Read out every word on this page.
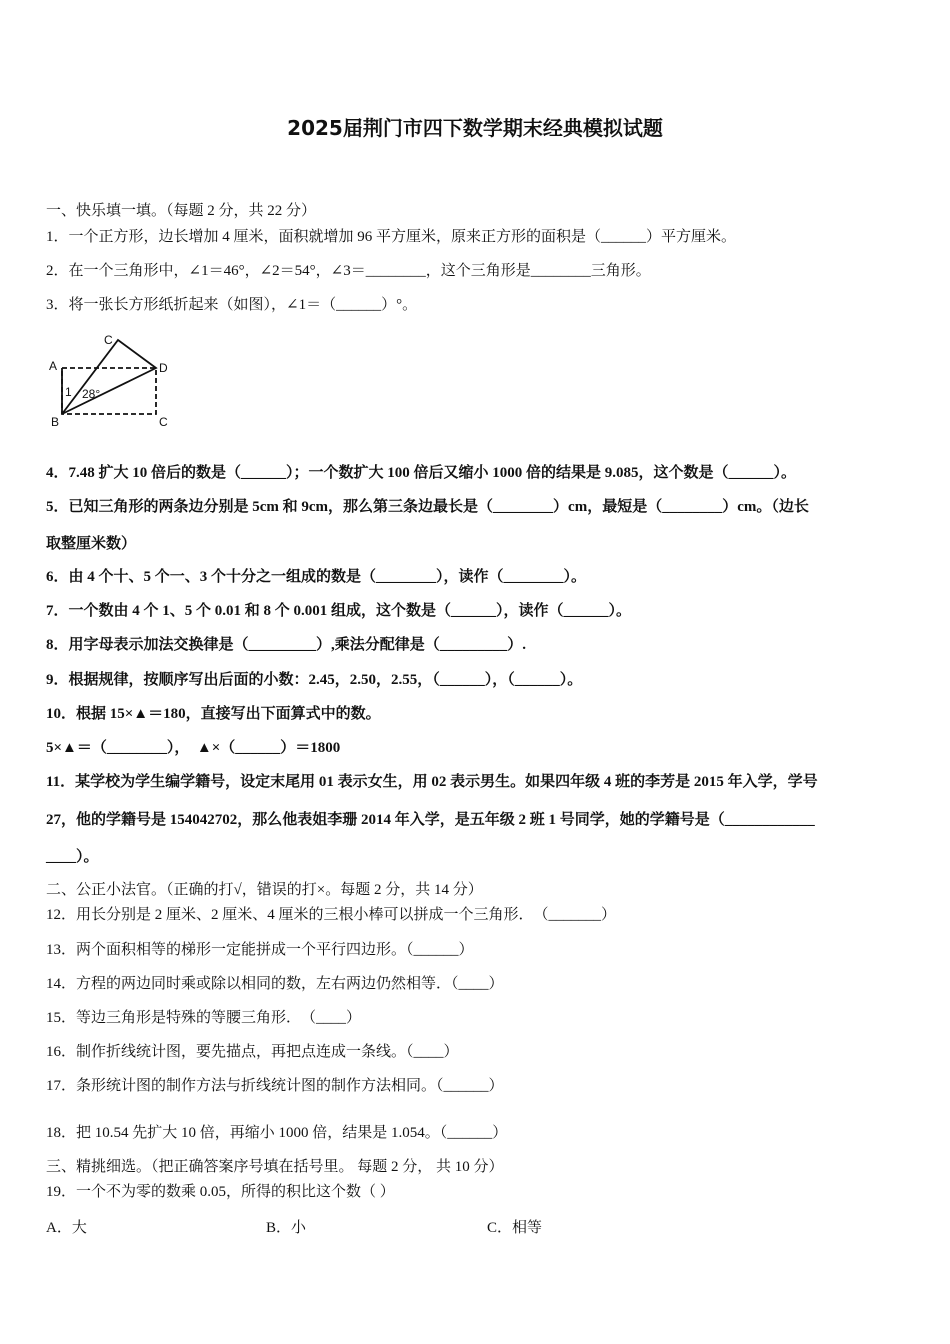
2025届荆门市四下数学期末经典模拟试题
一、快乐填一填。（每题 2 分，共 22 分）
1．一个正方形，边长增加 4 厘米，面积就增加 96 平方厘米，原来正方形的面积是（______）平方厘米。
2．在一个三角形中，∠1＝46°，∠2＝54°，∠3＝________，这个三角形是________三角形。
3．将一张长方形纸折起来（如图），∠1＝（______）°。
A
B
C
D
C
1 28°
4．7.48 扩大 10 倍后的数是（______）；一个数扩大 100 倍后又缩小 1000 倍的结果是 9.085，这个数是（______）。
5．已知三角形的两条边分别是 5cm 和 9cm，那么第三条边最长是（________）cm，最短是（________）cm。（边长
取整厘米数）
6．由 4 个十、5 个一、3 个十分之一组成的数是（________），读作（________）。
7．一个数由 4 个 1、5 个 0.01 和 8 个 0.001 组成，这个数是（______），读作（______）。
8．用字母表示加法交换律是（_________）,乘法分配律是（_________）.
9．根据规律，按顺序写出后面的小数：2.45，2.50，2.55，（______），（______）。
10．根据 15×▲＝180，直接写出下面算式中的数。
5×▲＝（________），　▲×（______）＝1800
11．某学校为学生编学籍号，设定末尾用 01 表示女生，用 02 表示男生。如果四年级 4 班的李芳是 2015 年入学，学号
27，他的学籍号是 154042702，那么他表姐李珊 2014 年入学，是五年级 2 班 1 号同学，她的学籍号是（____________
____）。
二、公正小法官。（正确的打√，错误的打×。每题 2 分，共 14 分）
12．用长分别是 2 厘米、2 厘米、4 厘米的三根小棒可以拼成一个三角形．　（_______）
13．两个面积相等的梯形一定能拼成一个平行四边形。（______）
14．方程的两边同时乘或除以相同的数，左右两边仍然相等．（____）
15．等边三角形是特殊的等腰三角形．　（____）
16．制作折线统计图，要先描点，再把点连成一条线。（____）
17．条形统计图的制作方法与折线统计图的制作方法相同。（______）
18．把 10.54 先扩大 10 倍，再缩小 1000 倍，结果是 1.054。（______）
三、精挑细选。（把正确答案序号填在括号里。 每题 2 分， 共 10 分）
19．一个不为零的数乘 0.05，所得的积比这个数（ ）
A．大	B．小	C．相等
